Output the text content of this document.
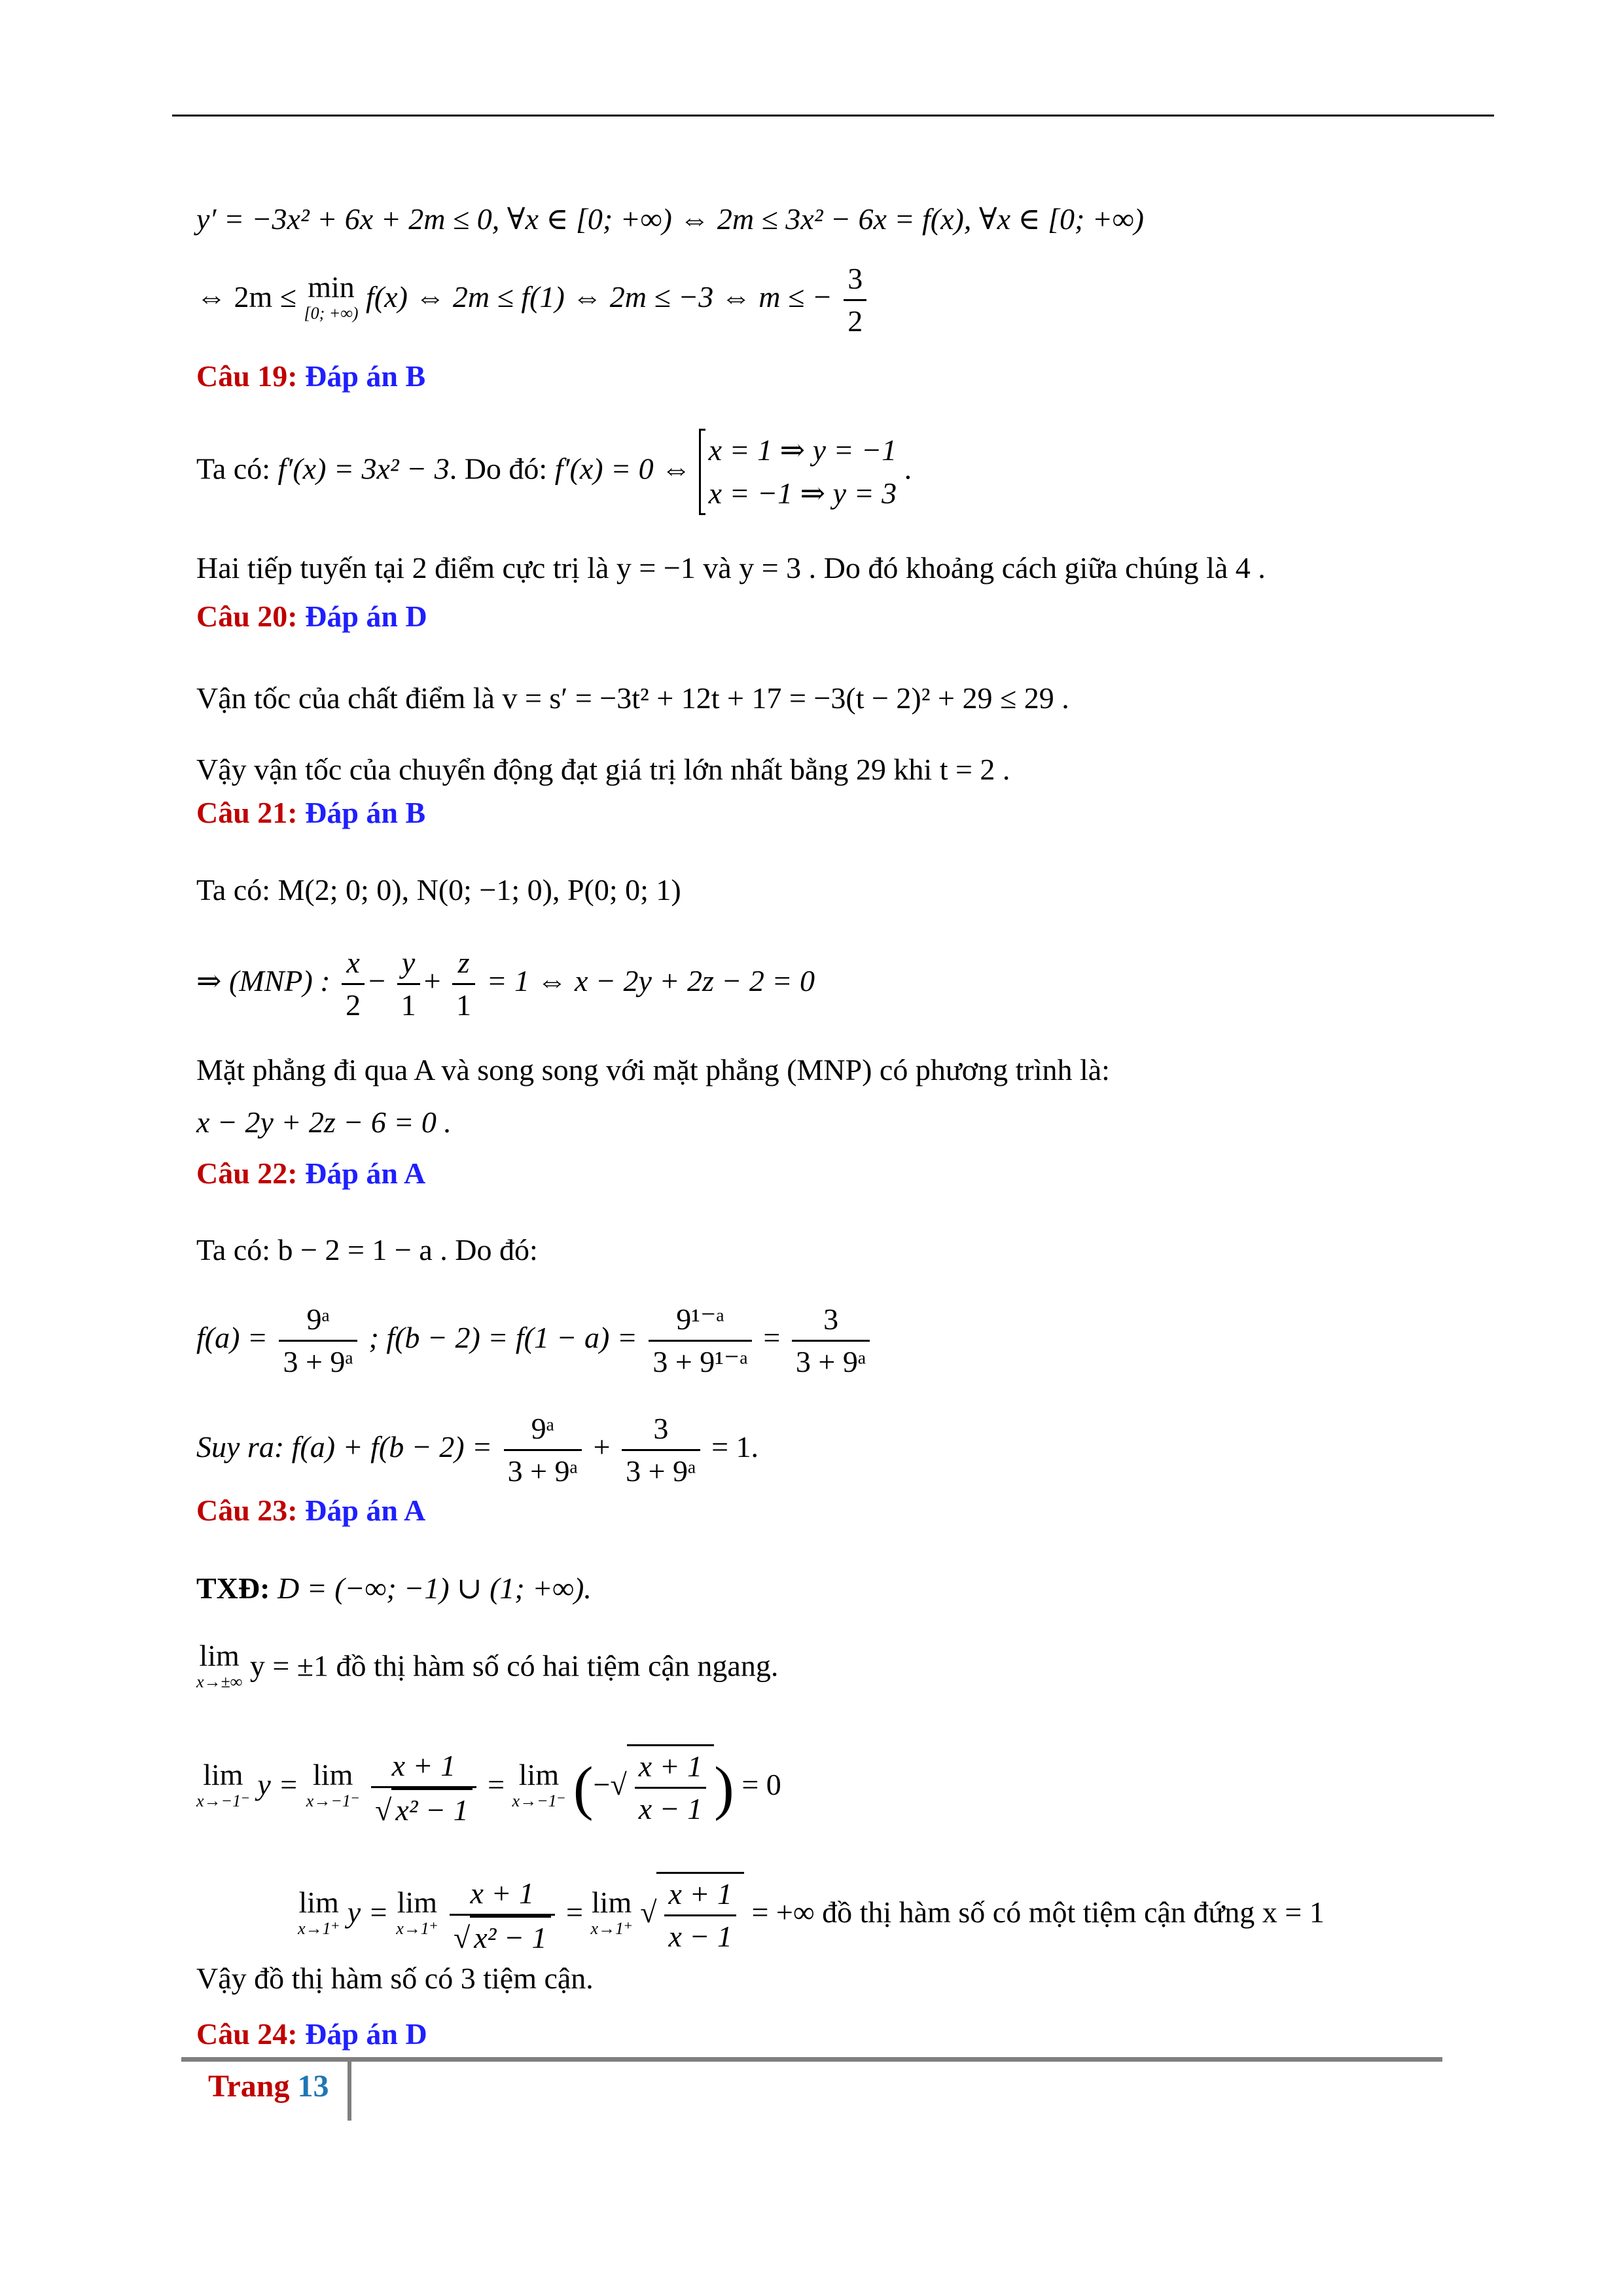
y′ = −3x² + 6x + 2m ≤ 0, ∀x ∈ [0; +∞) ⇔ 2m ≤ 3x² − 6x = f(x), ∀x ∈ [0; +∞)
⇔ 2m ≤ min
[0; +∞) f(x) ⇔ 2m ≤ f(1) ⇔ 2m ≤ −3 ⇔ m ≤ − $\frac{3}{2}$
Câu 19: Đáp án B
Ta có: f′(x) = 3x² − 3. Do đó: f′(x) = 0 ⇔
x = 1 ⇒ y = −1
x = −1 ⇒ y = 3
.
Hai tiếp tuyến tại 2 điểm cực trị là y = −1 và y = 3 . Do đó khoảng cách giữa chúng là 4 .
Câu 20: Đáp án D
Vận tốc của chất điểm là v = s′ = −3t² + 12t + 17 = −3(t − 2)² + 29 ≤ 29 .
Vậy vận tốc của chuyển động đạt giá trị lớn nhất bằng 29 khi t = 2 .
Câu 21: Đáp án B
Ta có: M(2; 0; 0), N(0; −1; 0), P(0; 0; 1)
⇒ (MNP) : $\frac{x}{2} - \frac{y}{1} + \frac{z}{1} = 1$ ⇔ x − 2y + 2z − 2 = 0
Mặt phẳng đi qua A và song song với mặt phẳng (MNP) có phương trình là:
x − 2y + 2z − 6 = 0 .
Câu 22: Đáp án A
Ta có: b − 2 = 1 − a . Do đó:
$f(a) = \frac{\text{9ᵃ}}{\text{3 + 9ᵃ}}$ ; $f(b - 2) = f(1 - a) = \frac{\text{9¹⁻ᵃ}}{\text{3 + 9¹⁻ᵃ}} = \frac{3}{\text{3 + 9ᵃ}}$
Suy ra: $f(a) + f(b - 2) = \frac{\text{9ᵃ}}{\text{3 + 9ᵃ}} + \frac{3}{\text{3 + 9ᵃ}} = 1$.
Câu 23: Đáp án A
TXĐ: D = (−∞; −1) ∪ (1; +∞).
lim
x→±∞ y = ±1 đồ thị hàm số có hai tiệm cận ngang.
lim
x→−1⁻ y = lim
x→−1⁻
$\frac{x + 1}{\text{√ x² − 1}} = \lim$
x→−1⁻ (−√ $\frac{x + 1}{x - 1}$ ) = 0
lim
x→1⁺ y = lim
x→1⁺
$\frac{x + 1}{\text{√ x² − 1}} = \lim$
x→1⁺ √ $\frac{x + 1}{x - 1}$ = +∞ đồ thị hàm số có một tiệm cận đứng x = 1
Vậy đồ thị hàm số có 3 tiệm cận.
Câu 24: Đáp án D
Trang 13
